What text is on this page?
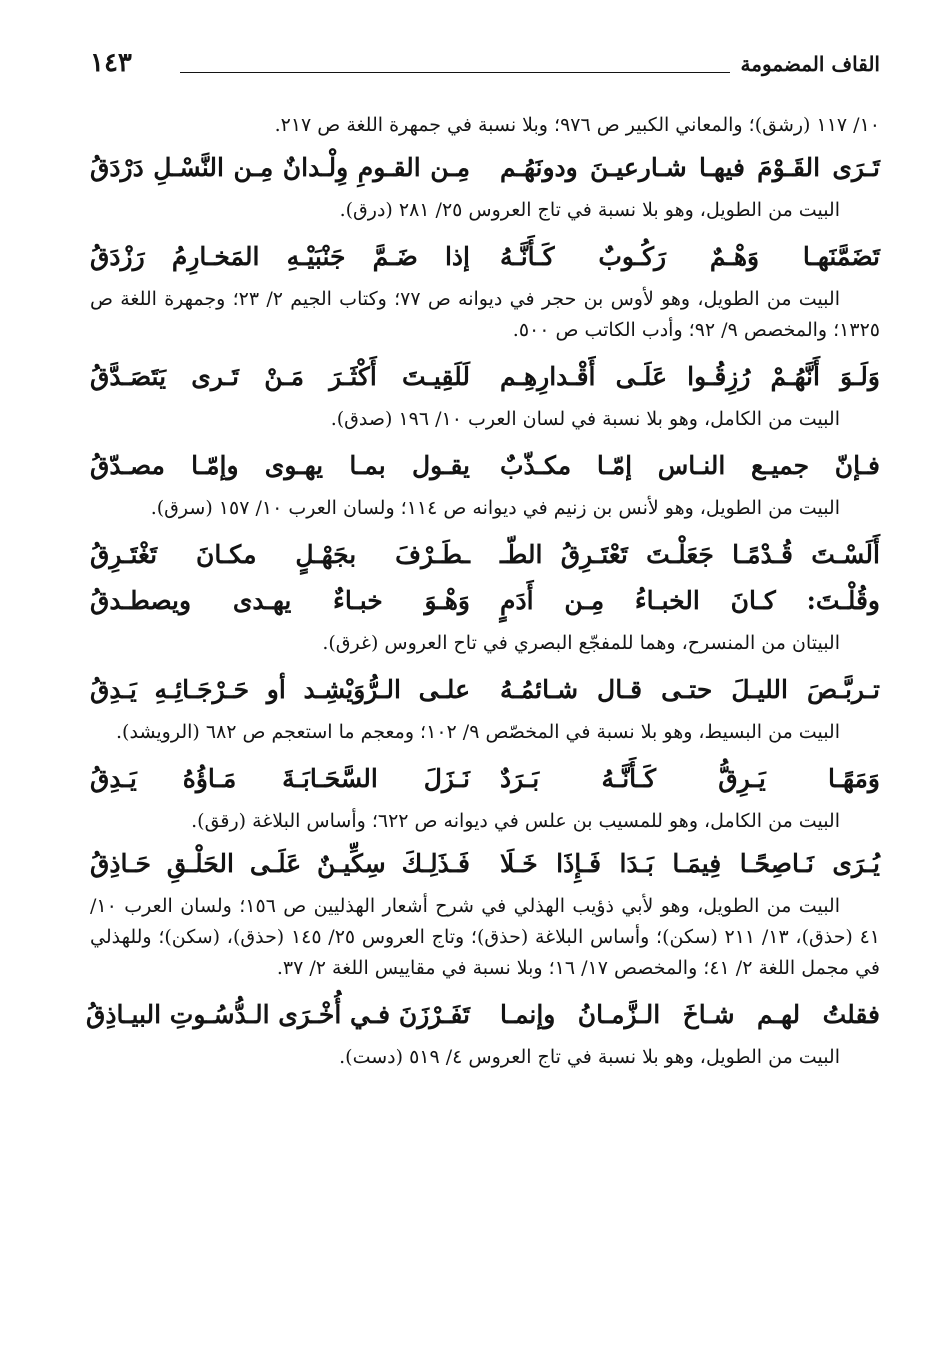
القاف المضمومة
١٤٣

١٠/ ١١٧ (رشق)؛ والمعاني الكبير ص ٩٧٦؛ وبلا نسبة في جمهرة اللغة ص ٢١٧.

تَـرَى القَـوْمَ فيهـا شـارعيـنَ ودونَهُـم
مِـن القـومِ وِلْـدانٌ مِـن النَّسْـلِ دَرْدَقُ

البيت من الطويل، وهو بلا نسبة في تاج العروس ٢٥/ ٢٨١ (درق).

تَضَمَّنَهـا وَهْـمٌ رَكُـوبٌ كَـأَنَّـهُ
إذا ضَـمَّ جَنْبَيْـهِ المَخـارِمُ رَزْدَقُ

البيت من الطويل، وهو لأوس بن حجر في ديوانه ص ٧٧؛ وكتاب الجيم ٢/ ٢٣؛ وجمهرة اللغة ص ١٣٢٥؛ والمخصص ٩/ ٩٢؛ وأدب الكاتب ص ٥٠٠.

وَلَـوَ أَنَّهُـمْ رُزِقُـوا عَلَـى أَقْـدارِهِـم
لَلَقِيـتَ أَكْثَـرَ مَـنْ تَـرى يَتَصَـدَّقُ

البيت من الكامل، وهو بلا نسبة في لسان العرب ١٠/ ١٩٦ (صدق).

فـإنّ جميـع النـاس إمّـا مكـذّبٌ
يقـول بمـا يهـوى وإمّـا مصـدّقُ

البيت من الطويل، وهو لأنس بن زنيم في ديوانه ص ١١٤؛ ولسان العرب ١٠/ ١٥٧ (سرق).

أَلَسْـتَ قُـدْمًـا جَعَلْـتَ تَعْتَـرِقُ الطّـ
ـطَـرْفَ بجَهْـلٍ مكـانَ تَغْتَـرِقُ
وقُلْـتَ: كـانَ الخبـاءُ مِـن أَدَمٍ
وَهْـوَ خبـاءٌ يهـدى ويصطـدقُ

البيتان من المنسرح، وهما للمفجّع البصري في تاح العروس (غرق).

تـربَّـصَ الليـلَ حتـى قـال شـائمُـهُ
علـى الـرُّوَيْشِـد أو حَـرْجَـائِـهِ يَـدِقُ

البيت من البسيط، وهو بلا نسبة في المخصّص ٩/ ١٠٢؛ ومعجم ما استعجم ص ٦٨٢ (الرويشد).

وَمَهًـا يَـرِقُّ كَـأَنَّـهُ بَـرَدٌ
نَـزَلَ السَّحَـابَـةَ مَـاؤُهُ يَـدِقُ

البيت من الكامل، وهو للمسيب بن علس في ديوانه ص ٦٢٢؛ وأساس البلاغة (رقق).

يُـرَى نَـاصِحًـا فِيمَـا بَـدَا فَـإِذَا خَـلَا
فَـذَلِـكَ سِكِّيـنٌ عَلَـى الحَلْـقِ حَـاذِقُ

البيت من الطويل، وهو لأبي ذؤيب الهذلي في شرح أشعار الهذليين ص ١٥٦؛ ولسان العرب ١٠/ ٤١ (حذق)، ١٣/ ٢١١ (سكن)؛ وأساس البلاغة (حذق)؛ وتاج العروس ٢٥/ ١٤٥ (حذق)، (سكن)؛ وللهذلي في مجمل اللغة ٢/ ٤١؛ والمخصص ١٧/ ١٦؛ وبلا نسبة في مقاييس اللغة ٢/ ٣٧.

فقلتُ لهـم شـاخَ الـزَّمـانُ وإنمـا
تَفَـرْزَنَ فـي أُخْـرَى الـدُّسُـوتِ البيـاذِقُ

البيت من الطويل، وهو بلا نسبة في تاج العروس ٤/ ٥١٩ (دست).
